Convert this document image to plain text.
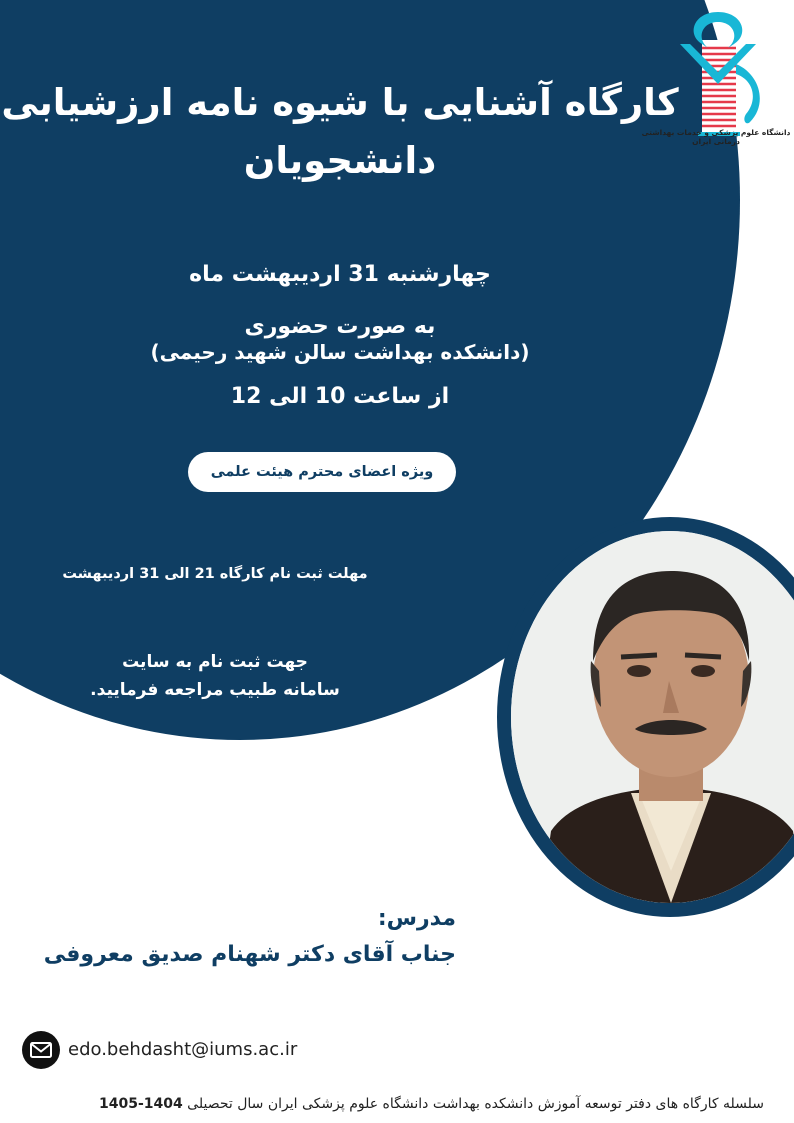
دانشگاه علوم پزشکی و خدمات بهداشتی درمانی ایران
کارگاه آشنایی با شیوه نامه ارزشیابی
دانشجویان
چهارشنبه 31 اردیبهشت ماه
به صورت حضوری
(دانشکده بهداشت سالن شهید رحیمی)
از ساعت 10 الی 12
ویژه اعضای محترم هیئت علمی
مهلت ثبت نام کارگاه 21 الی 31 اردیبهشت
جهت ثبت نام به سایت
سامانه طبیب مراجعه فرمایید.
https://tabib.iums.ac.ir
مدرس:
جناب آقای دکتر شهنام صدیق معروفی
edo.behdasht@iums.ac.ir
سلسله کارگاه های دفتر توسعه آموزش دانشکده بهداشت دانشگاه علوم پزشکی ایران سال تحصیلی 1404-1405
